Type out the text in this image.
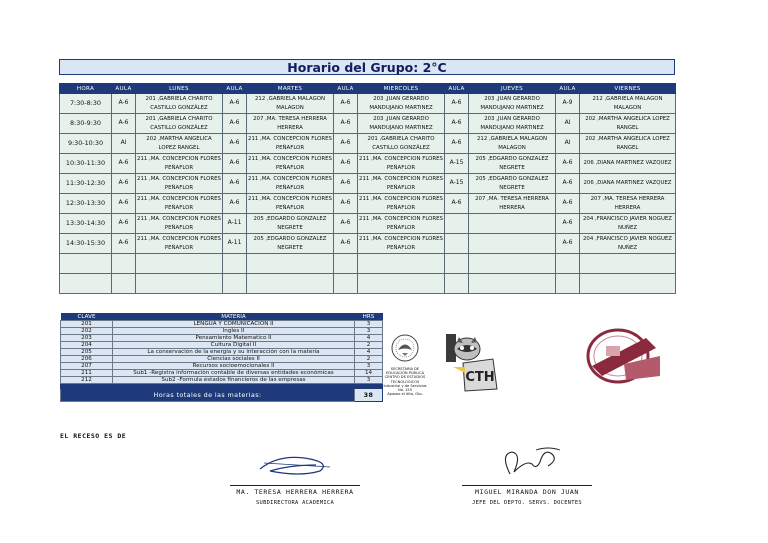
Horario del Grupo: 2°C
HORA	AULA	LUNES	AULA	MARTES	AULA	MIERCOLES	AULA	JUEVES	AULA	VIERNES
7:30-8:30	A-6	201 ,GABRIELA CHARITO CASTILLO GONZÁLEZ	A-6	212 ,GABRIELA MALAGON MALAGON	A-6	203 ,JUAN GERARDO MANDUJANO MARTINEZ	A-6	203 ,JUAN GERARDO MANDUJANO MARTINEZ	A-9	212 ,GABRIELA MALAGON MALAGON
8:30-9:30	A-6	201 ,GABRIELA CHARITO CASTILLO GONZÁLEZ	A-6	207 ,MA. TERESA HERRERA HERRERA	A-6	203 ,JUAN GERARDO MANDUJANO MARTINEZ	A-6	203 ,JUAN GERARDO MANDUJANO MARTINEZ	AI	202 ,MARTHA ANGELICA LOPEZ RANGEL
9:30-10:30	AI	202 ,MARTHA ANGELICA LOPEZ RANGEL	A-6	211 ,MA. CONCEPCION FLORES PEÑAFLOR	A-6	201 ,GABRIELA CHARITO CASTILLO GONZÁLEZ	A-6	212 ,GABRIELA MALAGON MALAGON	AI	202 ,MARTHA ANGELICA LOPEZ RANGEL
10:30-11:30	A-6	211 ,MA. CONCEPCION FLORES PEÑAFLOR	A-6	211 ,MA. CONCEPCION FLORES PEÑAFLOR	A-6	211 ,MA. CONCEPCION FLORES PEÑAFLOR	A-15	205 ,EDGARDO GONZALEZ NEGRETE	A-6	206 ,DIANA MARTINEZ VAZQUEZ
11:30-12:30	A-6	211 ,MA. CONCEPCION FLORES PEÑAFLOR	A-6	211 ,MA. CONCEPCION FLORES PEÑAFLOR	A-6	211 ,MA. CONCEPCION FLORES PEÑAFLOR	A-15	205 ,EDGARDO GONZALEZ NEGRETE	A-6	206 ,DIANA MARTINEZ VAZQUEZ
12:30-13:30	A-6	211 ,MA. CONCEPCION FLORES PEÑAFLOR	A-6	211 ,MA. CONCEPCION FLORES PEÑAFLOR	A-6	211 ,MA. CONCEPCION FLORES PEÑAFLOR	A-6	207 ,MA. TERESA HERRERA HERRERA	A-6	207 ,MA. TERESA HERRERA HERRERA
13:30-14:30	A-6	211 ,MA. CONCEPCION FLORES PEÑAFLOR	A-11	205 ,EDGARDO GONZALEZ NEGRETE	A-6	211 ,MA. CONCEPCION FLORES PEÑAFLOR			A-6	204 ,FRANCISCO JAVIER NOGUEZ NUÑEZ
14:30-15:30	A-6	211 ,MA. CONCEPCION FLORES PEÑAFLOR	A-11	205 ,EDGARDO GONZALEZ NEGRETE	A-6	211 ,MA. CONCEPCION FLORES PEÑAFLOR			A-6	204 ,FRANCISCO JAVIER NOGUEZ NUÑEZ

CLAVE	MATERIA	HRS
201	LENGUA Y COMUNICACION II	3
202	Ingles II	3
203	Pensamiento Matematico II	4
204	Cultura Digital II	2
205	La conservación de la energía y su interacción con la materia	4
206	Ciencias sociales II	2
207	Recursos socioemocionales II	3
211	Sub1 -Registra información contable de diversas entidades económicas	14
212	Sub2 -Formula estados financieros de las empresas	3

Horas totales de las materias:		38
EL RECESO ES DE
SECRETARIA DE
EDUCACION PUBLICA
CENTRO DE ESTUDIOS
TECNOLOGICOS
Industrial y de Servicios
No. 155
Apaseo el Alto, Gto.
CTH
MA. TERESA HERRERA HERRERA
SUBDIRECTORA ACADEMICA
MIGUEL MIRANDA DON JUAN
JEFE DEL DEPTO. SERVS. DOCENTES
